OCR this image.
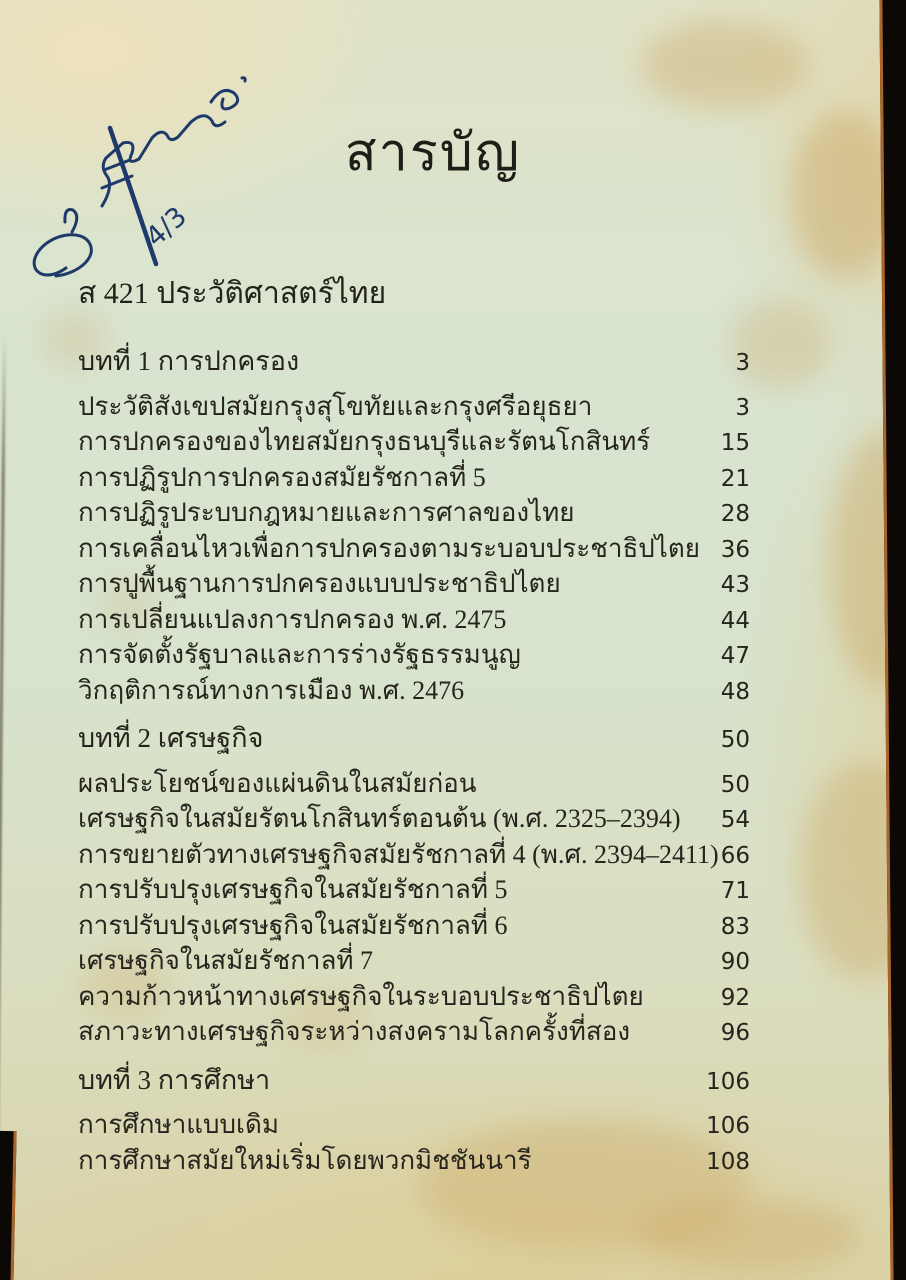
4/3
สารบัญ
ส 421 ประวัติศาสตร์ไทย
บทที่ 1 การปกครอง	3
ประวัติสังเขปสมัยกรุงสุโขทัยและกรุงศรีอยุธยา	3
การปกครองของไทยสมัยกรุงธนบุรีและรัตนโกสินทร์	15
การปฏิรูปการปกครองสมัยรัชกาลที่ 5	21
การปฏิรูประบบกฎหมายและการศาลของไทย	28
การเคลื่อนไหวเพื่อการปกครองตามระบอบประชาธิปไตย 36
การปูพื้นฐานการปกครองแบบประชาธิปไตย	43
การเปลี่ยนแปลงการปกครอง พ.ศ. 2475	44
การจัดตั้งรัฐบาลและการร่างรัฐธรรมนูญ	47
วิกฤติการณ์ทางการเมือง พ.ศ. 2476	48
บทที่ 2 เศรษฐกิจ	50
ผลประโยชน์ของแผ่นดินในสมัยก่อน	50
เศรษฐกิจในสมัยรัตนโกสินทร์ตอนต้น (พ.ศ. 2325–2394)	54
การขยายตัวทางเศรษฐกิจสมัยรัชกาลที่ 4 (พ.ศ. 2394–2411) 66
การปรับปรุงเศรษฐกิจในสมัยรัชกาลที่ 5	71
การปรับปรุงเศรษฐกิจในสมัยรัชกาลที่ 6	83
เศรษฐกิจในสมัยรัชกาลที่ 7	90
ความก้าวหน้าทางเศรษฐกิจในระบอบประชาธิปไตย	92
สภาวะทางเศรษฐกิจระหว่างสงครามโลกครั้งที่สอง	96
บทที่ 3 การศึกษา	106
การศึกษาแบบเดิม	106
การศึกษาสมัยใหม่เริ่มโดยพวกมิชชันนารี	108
